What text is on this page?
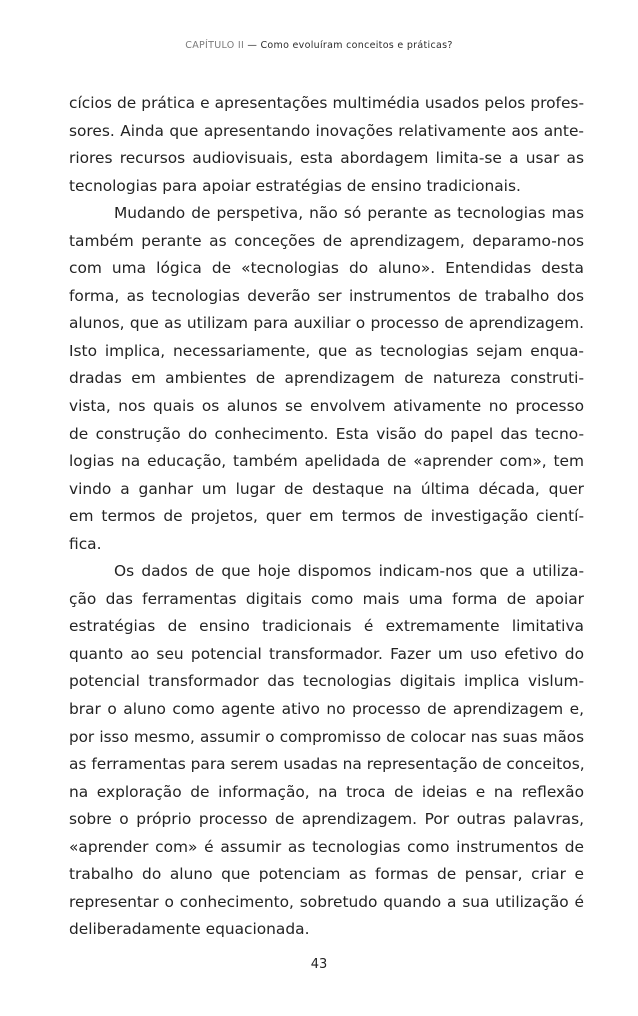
CAPÍTULO II — Como evoluíram conceitos e práticas?
cícios de prática e apresentações multimédia usados pelos profes-
sores. Ainda que apresentando inovações relativamente aos ante-
riores recursos audiovisuais, esta abordagem limita-se a usar as
tecnologias para apoiar estratégias de ensino tradicionais.
Mudando de perspetiva, não só perante as tecnologias mas
também perante as conceções de aprendizagem, deparamo-nos
com uma lógica de «tecnologias do aluno». Entendidas desta
forma, as tecnologias deverão ser instrumentos de trabalho dos
alunos, que as utilizam para auxiliar o processo de aprendizagem.
Isto implica, necessariamente, que as tecnologias sejam enqua-
dradas em ambientes de aprendizagem de natureza construti-
vista, nos quais os alunos se envolvem ativamente no processo
de construção do conhecimento. Esta visão do papel das tecno-
logias na educação, também apelidada de «aprender com», tem
vindo a ganhar um lugar de destaque na última década, quer
em termos de projetos, quer em termos de investigação cientí-
fica.
Os dados de que hoje dispomos indicam-nos que a utiliza-
ção das ferramentas digitais como mais uma forma de apoiar
estratégias de ensino tradicionais é extremamente limitativa
quanto ao seu potencial transformador. Fazer um uso efetivo do
potencial transformador das tecnologias digitais implica vislum-
brar o aluno como agente ativo no processo de aprendizagem e,
por isso mesmo, assumir o compromisso de colocar nas suas mãos
as ferramentas para serem usadas na representação de conceitos,
na exploração de informação, na troca de ideias e na reflexão
sobre o próprio processo de aprendizagem. Por outras palavras,
«aprender com» é assumir as tecnologias como instrumentos de
trabalho do aluno que potenciam as formas de pensar, criar e
representar o conhecimento, sobretudo quando a sua utilização é
deliberadamente equacionada.
43
